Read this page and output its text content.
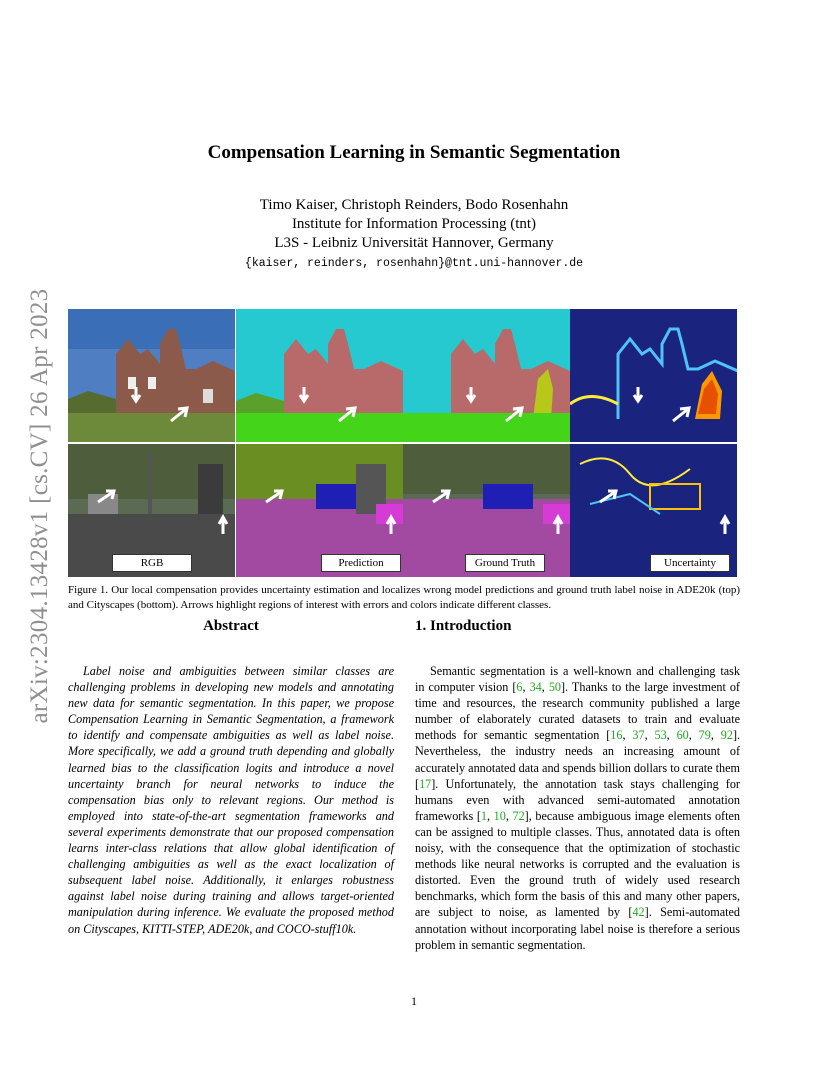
arXiv:2304.13428v1 [cs.CV] 26 Apr 2023
Compensation Learning in Semantic Segmentation
Timo Kaiser, Christoph Reinders, Bodo Rosenhahn
Institute for Information Processing (tnt)
L3S - Leibniz Universität Hannover, Germany
{kaiser, reinders, rosenhahn}@tnt.uni-hannover.de
RGB	Prediction	Ground Truth	Uncertainty
Figure 1. Our local compensation provides uncertainty estimation and localizes wrong model predictions and ground truth label noise in ADE20k (top) and Cityscapes (bottom). Arrows highlight regions of interest with errors and colors indicate different classes.
Abstract
Label noise and ambiguities between similar classes are challenging problems in developing new models and annotating new data for semantic segmentation. In this paper, we propose Compensation Learning in Semantic Segmentation, a framework to identify and compensate ambiguities as well as label noise. More specifically, we add a ground truth depending and globally learned bias to the classification logits and introduce a novel uncertainty branch for neural networks to induce the compensation bias only to relevant regions. Our method is employed into state-of-the-art segmentation frameworks and several experiments demonstrate that our proposed compensation learns inter-class relations that allow global identification of challenging ambiguities as well as the exact localization of subsequent label noise. Additionally, it enlarges robustness against label noise during training and allows target-oriented manipulation during inference. We evaluate the proposed method on Cityscapes, KITTI-STEP, ADE20k, and COCO-stuff10k.
1. Introduction
Semantic segmentation is a well-known and challenging task in computer vision [6, 34, 50]. Thanks to the large investment of time and resources, the research community published a large number of elaborately curated datasets to train and evaluate methods for semantic segmentation [16, 37, 53, 60, 79, 92]. Nevertheless, the industry needs an increasing amount of accurately annotated data and spends billion dollars to curate them [17]. Unfortunately, the annotation task stays challenging for humans even with advanced semi-automated annotation frameworks [1, 10, 72], because ambiguous image elements often can be assigned to multiple classes. Thus, annotated data is often noisy, with the consequence that the optimization of stochastic methods like neural networks is corrupted and the evaluation is distorted. Even the ground truth of widely used research benchmarks, which form the basis of this and many other papers, are subject to noise, as lamented by [42]. Semi-automated annotation without incorporating label noise is therefore a serious problem in semantic segmentation.
1
